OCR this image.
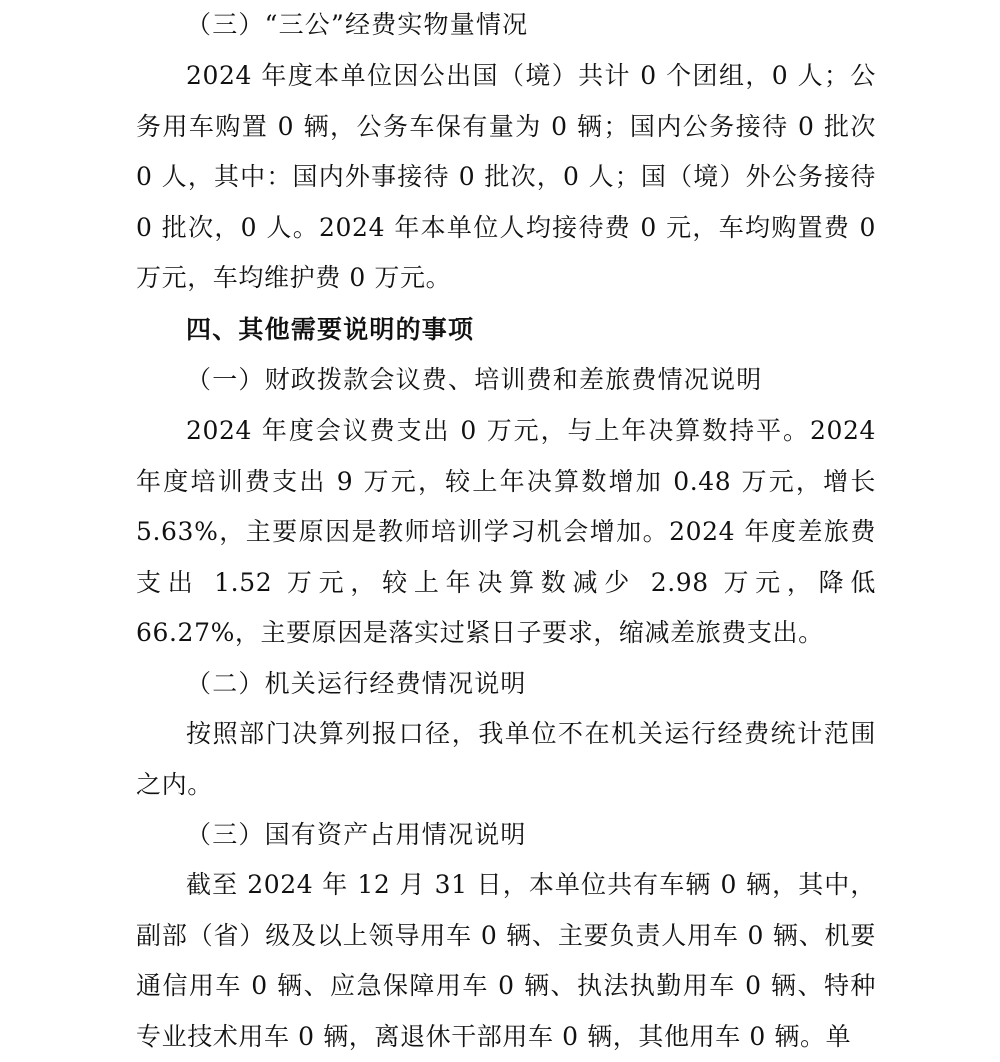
（三）“三公”经费实物量情况
2024 年度本单位因公出国（境）共计 0 个团组，0 人；公务用车购置 0 辆，公务车保有量为 0 辆；国内公务接待 0 批次 0 人，其中：国内外事接待 0 批次，0 人；国（境）外公务接待 0 批次，0 人。2024 年本单位人均接待费 0 元，车均购置费 0 万元，车均维护费 0 万元。
四、其他需要说明的事项
（一）财政拨款会议费、培训费和差旅费情况说明
2024 年度会议费支出 0 万元，与上年决算数持平。2024 年度培训费支出 9 万元，较上年决算数增加 0.48 万元，增长 5.63%，主要原因是教师培训学习机会增加。2024 年度差旅费支出 1.52 万元，较上年决算数减少 2.98 万元，降低 66.27%，主要原因是落实过紧日子要求，缩减差旅费支出。
（二）机关运行经费情况说明
按照部门决算列报口径，我单位不在机关运行经费统计范围之内。
（三）国有资产占用情况说明
截至 2024 年 12 月 31 日，本单位共有车辆 0 辆，其中，副部（省）级及以上领导用车 0 辆、主要负责人用车 0 辆、机要通信用车 0 辆、应急保障用车 0 辆、执法执勤用车 0 辆、特种专业技术用车 0 辆，离退休干部用车 0 辆，其他用车 0 辆。单
